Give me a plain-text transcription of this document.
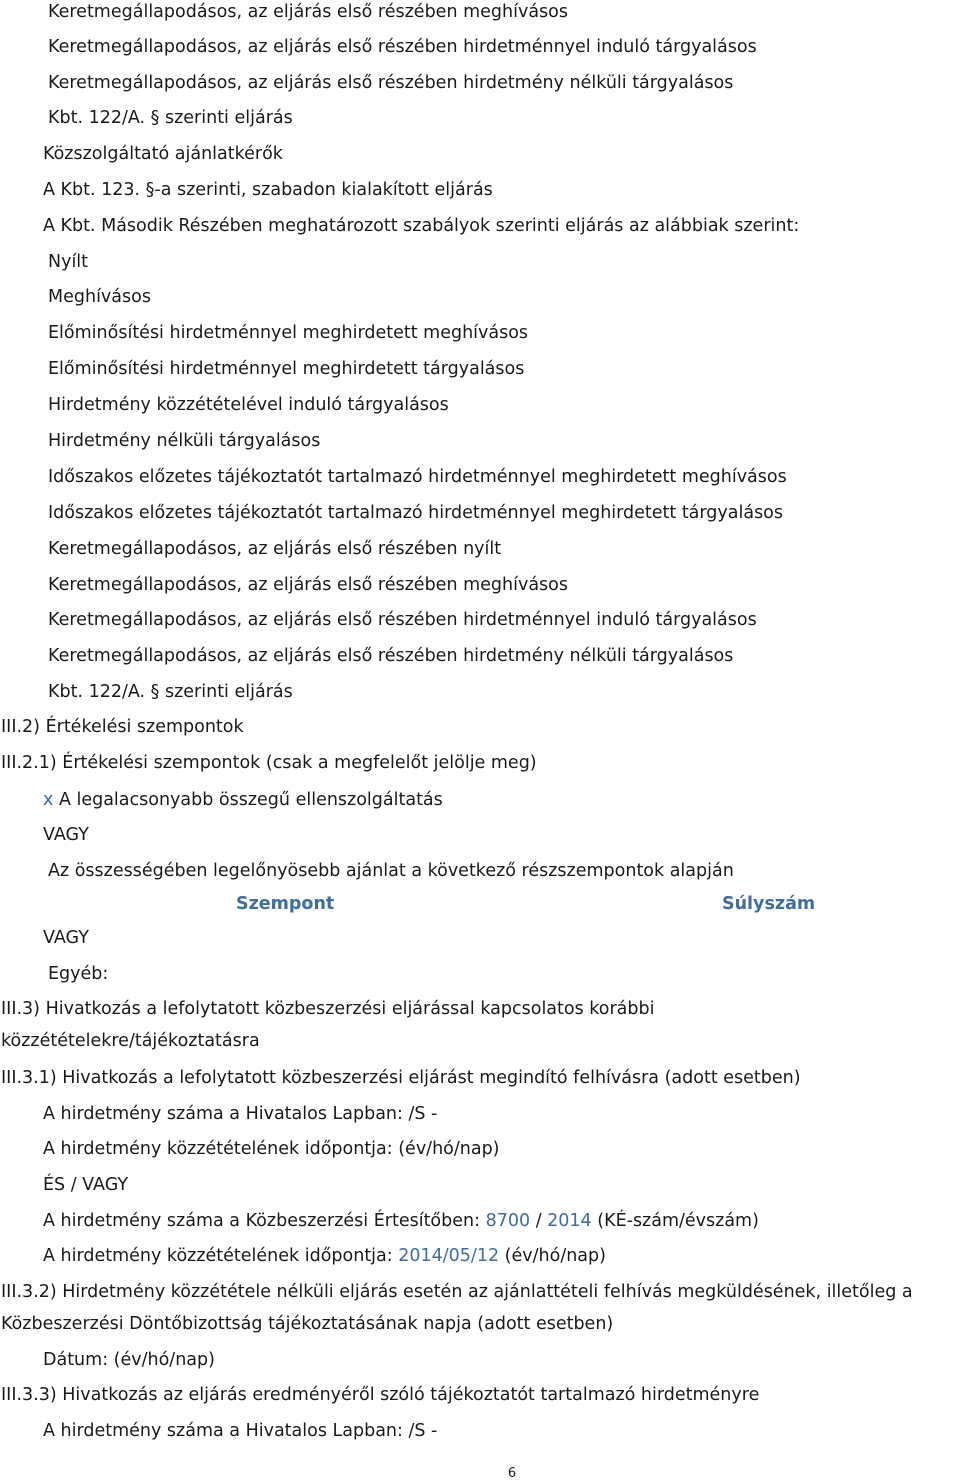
Keretmegállapodásos, az eljárás első részében meghívásos
Keretmegállapodásos, az eljárás első részében hirdetménnyel induló tárgyalásos
Keretmegállapodásos, az eljárás első részében hirdetmény nélküli tárgyalásos
Kbt. 122/A. § szerinti eljárás
Közszolgáltató ajánlatkérők
A Kbt. 123. §-a szerinti, szabadon kialakított eljárás
A Kbt. Második Részében meghatározott szabályok szerinti eljárás az alábbiak szerint:
Nyílt
Meghívásos
Előminősítési hirdetménnyel meghirdetett meghívásos
Előminősítési hirdetménnyel meghirdetett tárgyalásos
Hirdetmény közzétételével induló tárgyalásos
Hirdetmény nélküli tárgyalásos
Időszakos előzetes tájékoztatót tartalmazó hirdetménnyel meghirdetett meghívásos
Időszakos előzetes tájékoztatót tartalmazó hirdetménnyel meghirdetett tárgyalásos
Keretmegállapodásos, az eljárás első részében nyílt
Keretmegállapodásos, az eljárás első részében meghívásos
Keretmegállapodásos, az eljárás első részében hirdetménnyel induló tárgyalásos
Keretmegállapodásos, az eljárás első részében hirdetmény nélküli tárgyalásos
Kbt. 122/A. § szerinti eljárás
III.2) Értékelési szempontok
III.2.1) Értékelési szempontok (csak a megfelelőt jelölje meg)
x A legalacsonyabb összegű ellenszolgáltatás
VAGY
Az összességében legelőnyösebb ajánlat a következő részszempontok alapján
Szempont	Súlyszám
VAGY
Egyéb:
III.3) Hivatkozás a lefolytatott közbeszerzési eljárással kapcsolatos korábbi
közzétételekre/tájékoztatásra
III.3.1) Hivatkozás a lefolytatott közbeszerzési eljárást megindító felhívásra (adott esetben)
A hirdetmény száma a Hivatalos Lapban: /S -
A hirdetmény közzétételének időpontja: (év/hó/nap)
ÉS / VAGY
A hirdetmény száma a Közbeszerzési Értesítőben: 8700 / 2014 (KÉ-szám/évszám)
A hirdetmény közzétételének időpontja: 2014/05/12 (év/hó/nap)
III.3.2) Hirdetmény közzététele nélküli eljárás esetén az ajánlattételi felhívás megküldésének, illetőleg a
Közbeszerzési Döntőbizottság tájékoztatásának napja (adott esetben)
Dátum: (év/hó/nap)
III.3.3) Hivatkozás az eljárás eredményéről szóló tájékoztatót tartalmazó hirdetményre
A hirdetmény száma a Hivatalos Lapban: /S -
6
